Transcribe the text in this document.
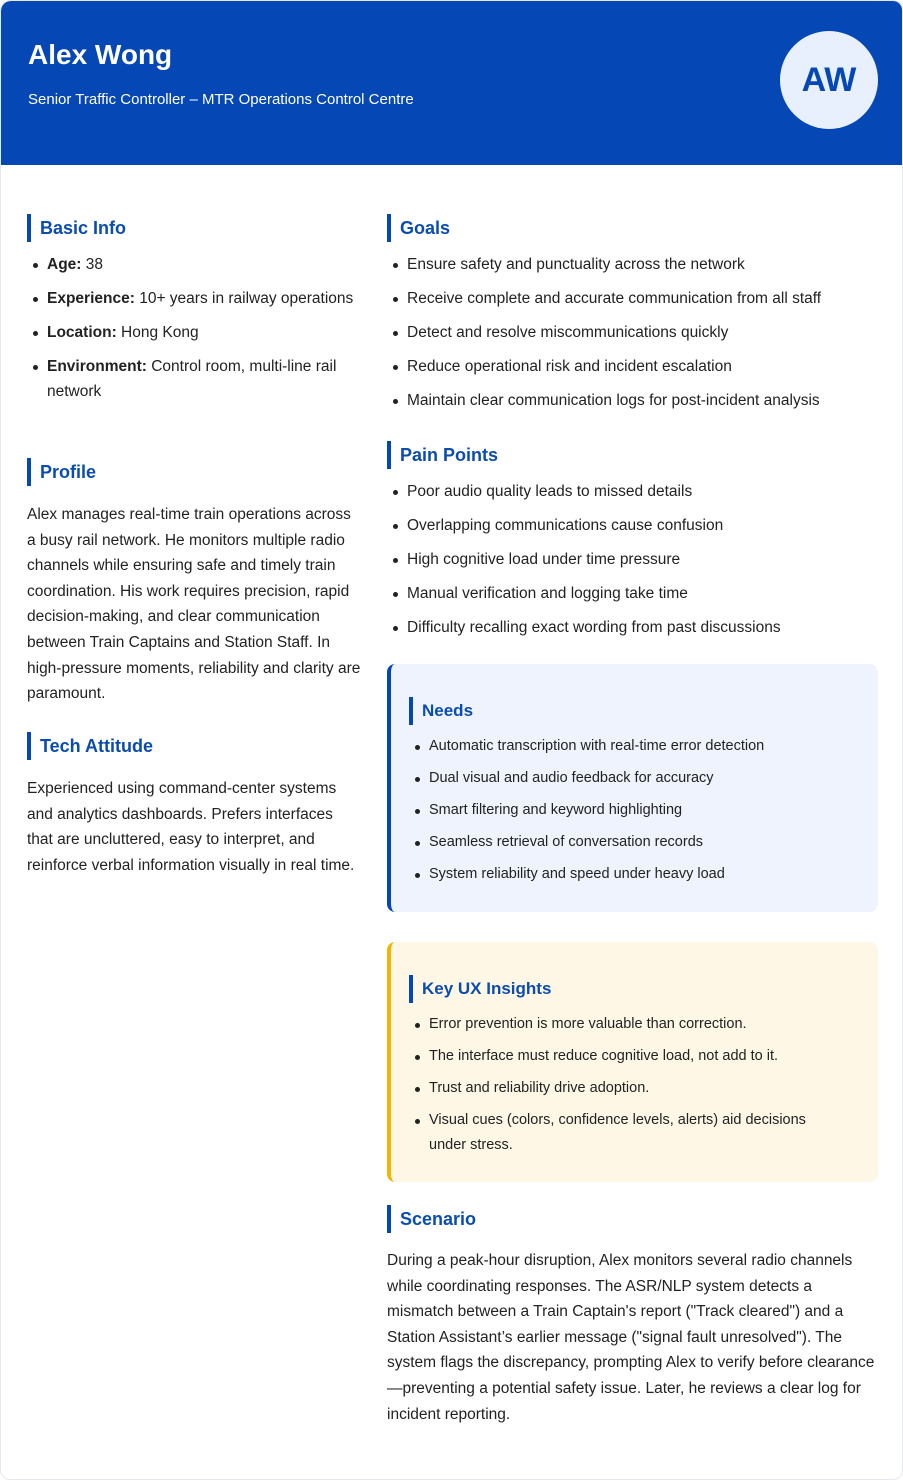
Alex Wong
Senior Traffic Controller – MTR Operations Control Centre
AW
Basic Info
Age: 38
Experience: 10+ years in railway operations
Location: Hong Kong
Environment: Control room, multi-line rail network
Profile

Alex manages real-time train operations across a busy rail network. He monitors multiple radio channels while ensuring safe and timely train coordination. His work requires precision, rapid decision-making, and clear communication between Train Captains and Station Staff. In high-pressure moments, reliability and clarity are paramount.

Tech Attitude

Experienced using command-center systems and analytics dashboards. Prefers interfaces that are uncluttered, easy to interpret, and reinforce verbal information visually in real time.

Goals
Ensure safety and punctuality across the network
Receive complete and accurate communication from all staff
Detect and resolve miscommunications quickly
Reduce operational risk and incident escalation
Maintain clear communication logs for post-incident analysis
Pain Points
Poor audio quality leads to missed details
Overlapping communications cause confusion
High cognitive load under time pressure
Manual verification and logging take time
Difficulty recalling exact wording from past discussions
Needs
Automatic transcription with real-time error detection
Dual visual and audio feedback for accuracy
Smart filtering and keyword highlighting
Seamless retrieval of conversation records
System reliability and speed under heavy load
Key UX Insights
Error prevention is more valuable than correction.
The interface must reduce cognitive load, not add to it.
Trust and reliability drive adoption.
Visual cues (colors, confidence levels, alerts) aid decisions under stress.
Scenario

During a peak-hour disruption, Alex monitors several radio channels while coordinating responses. The ASR/NLP system detects a mismatch between a Train Captain's report ("Track cleared") and a Station Assistant’s earlier message ("signal fault unresolved"). The system flags the discrepancy, prompting Alex to verify before clearance—preventing a potential safety issue. Later, he reviews a clear log for incident reporting.
